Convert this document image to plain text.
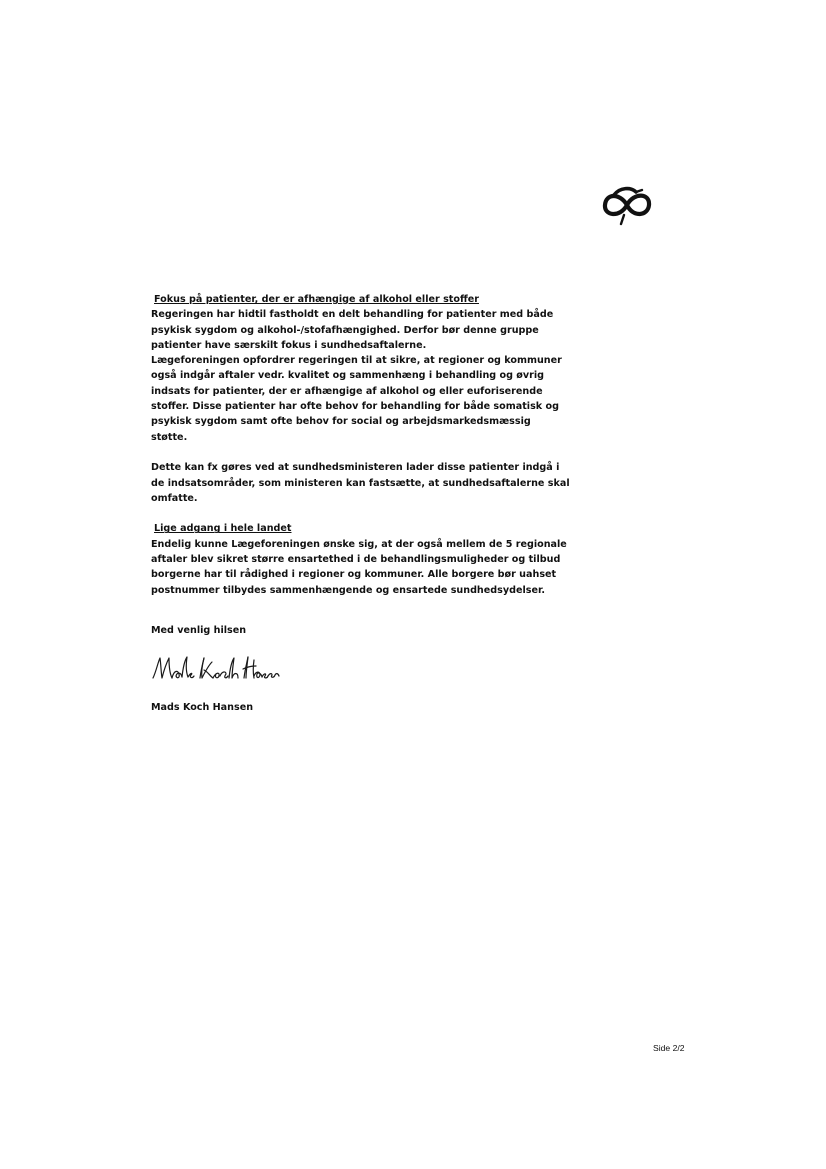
Fokus på patienter, der er afhængige af alkohol eller stoffer
Regeringen har hidtil fastholdt en delt behandling for patienter med både
psykisk sygdom og alkohol-/stofafhængighed. Derfor bør denne gruppe
patienter have særskilt fokus i sundhedsaftalerne.
Lægeforeningen opfordrer regeringen til at sikre, at regioner og kommuner
også indgår aftaler vedr. kvalitet og sammenhæng i behandling og øvrig
indsats for patienter, der er afhængige af alkohol og eller euforiserende
stoffer. Disse patienter har ofte behov for behandling for både somatisk og
psykisk sygdom samt ofte behov for social og arbejdsmarkedsmæssig
støtte.
Dette kan fx gøres ved at sundhedsministeren lader disse patienter indgå i
de indsatsområder, som ministeren kan fastsætte, at sundhedsaftalerne skal
omfatte.
Lige adgang i hele landet
Endelig kunne Lægeforeningen ønske sig, at der også mellem de 5 regionale
aftaler blev sikret større ensartethed i de behandlingsmuligheder og tilbud
borgerne har til rådighed i regioner og kommuner. Alle borgere bør uahset
postnummer tilbydes sammenhængende og ensartede sundhedsydelser.
Med venlig hilsen
Mads Koch Hansen
Side 2/2
